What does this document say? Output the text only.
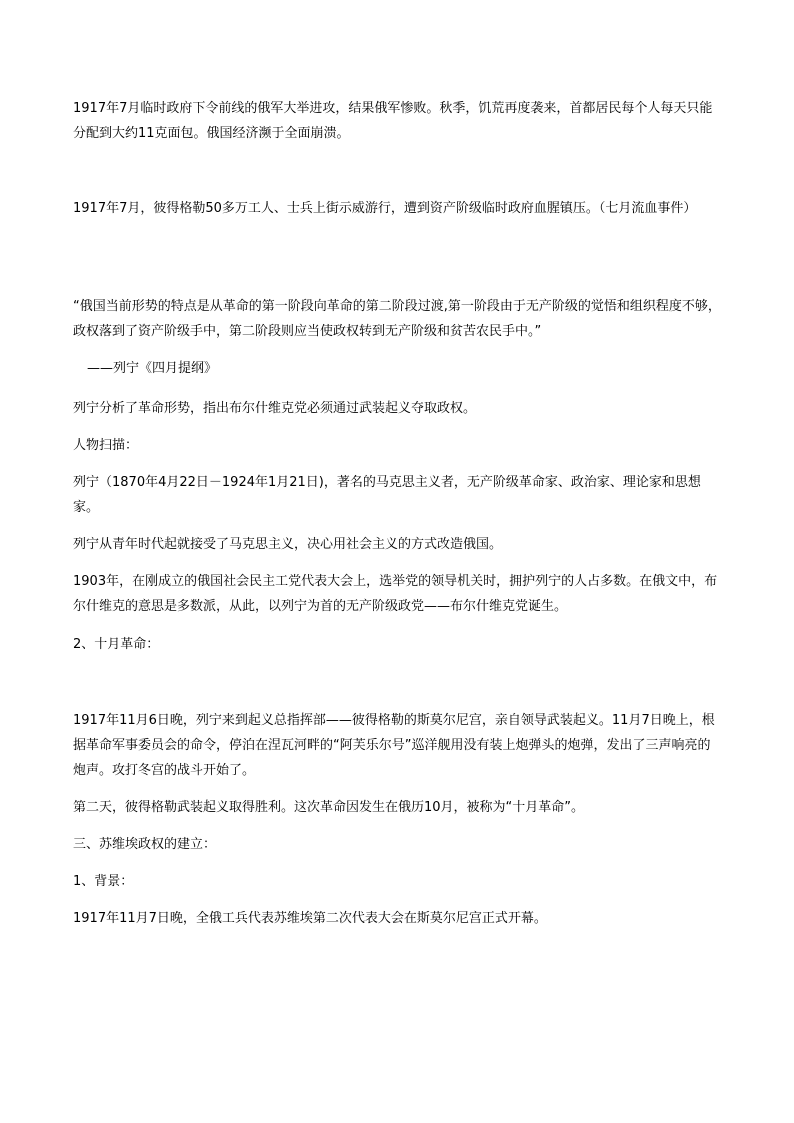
1917年7月临时政府下令前线的俄军大举进攻，结果俄军惨败。秋季，饥荒再度袭来，首都居民每个人每天只能分配到大约11克面包。俄国经济濒于全面崩溃。

1917年7月，彼得格勒50多万工人、士兵上街示威游行，遭到资产阶级临时政府血腥镇压。（七月流血事件）

“俄国当前形势的特点是从革命的第一阶段向革命的第二阶段过渡,第一阶段由于无产阶级的觉悟和组织程度不够，政权落到了资产阶级手中，第二阶段则应当使政权转到无产阶级和贫苦农民手中。”

——列宁《四月提纲》

列宁分析了革命形势，指出布尔什维克党必须通过武装起义夺取政权。

人物扫描：

列宁（1870年4月22日－1924年1月21日)，著名的马克思主义者，无产阶级革命家、政治家、理论家和思想家。

列宁从青年时代起就接受了马克思主义，决心用社会主义的方式改造俄国。

1903年，在刚成立的俄国社会民主工党代表大会上，选举党的领导机关时，拥护列宁的人占多数。在俄文中，布尔什维克的意思是多数派，从此，以列宁为首的无产阶级政党——布尔什维克党诞生。

2、十月革命：

1917年11月6日晚，列宁来到起义总指挥部——彼得格勒的斯莫尔尼宫，亲自领导武装起义。11月7日晚上，根据革命军事委员会的命令，停泊在涅瓦河畔的“阿芙乐尔号”巡洋舰用没有装上炮弹头的炮弹，发出了三声响亮的炮声。攻打冬宫的战斗开始了。

第二天，彼得格勒武装起义取得胜利。这次革命因发生在俄历10月，被称为“十月革命”。

三、苏维埃政权的建立：

1、背景：

1917年11月7日晚，全俄工兵代表苏维埃第二次代表大会在斯莫尔尼宫正式开幕。
